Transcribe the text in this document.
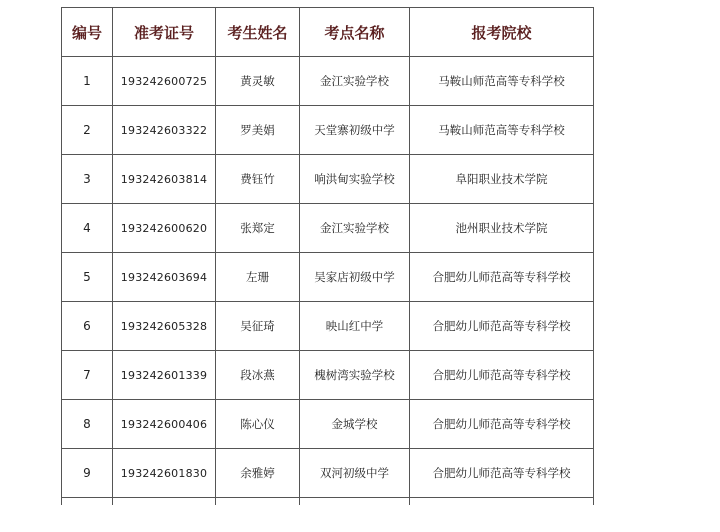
编号	准考证号	考生姓名	考点名称	报考院校
1	193242600725	黄灵敏	金江实验学校	马鞍山师范高等专科学校
2	193242603322	罗美娟	天堂寨初级中学	马鞍山师范高等专科学校
3	193242603814	费钰竹	响洪甸实验学校	阜阳职业技术学院
4	193242600620	张郑定	金江实验学校	池州职业技术学院
5	193242603694	左珊	吴家店初级中学	合肥幼儿师范高等专科学校
6	193242605328	吴征琦	映山红中学	合肥幼儿师范高等专科学校
7	193242601339	段冰燕	槐树湾实验学校	合肥幼儿师范高等专科学校
8	193242600406	陈心仪	金城学校	合肥幼儿师范高等专科学校
9	193242601830	余雅婷	双河初级中学	合肥幼儿师范高等专科学校
